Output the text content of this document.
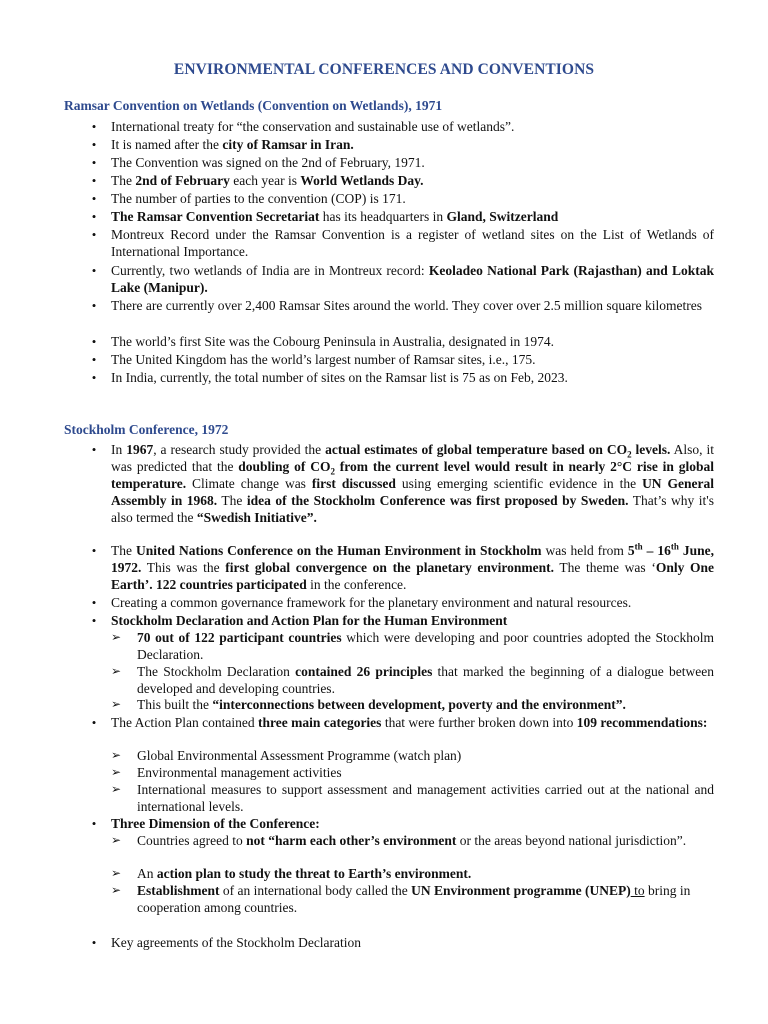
ENVIRONMENTAL CONFERENCES AND CONVENTIONS
Ramsar Convention on Wetlands (Convention on Wetlands), 1971
• International treaty for “the conservation and sustainable use of wetlands”.

• It is named after the city of Ramsar in Iran.

• The Convention was signed on the 2nd of February, 1971.

• The 2nd of February each year is World Wetlands Day.

• The number of parties to the convention (COP) is 171.

• The Ramsar Convention Secretariat has its headquarters in Gland, Switzerland

• Montreux Record under the Ramsar Convention is a register of wetland sites on the List of Wetlands of International Importance.

• Currently, two wetlands of India are in Montreux record: Keoladeo National Park (Rajasthan) and Loktak Lake (Manipur).

• There are currently over 2,400 Ramsar Sites around the world. They cover over 2.5 million square kilometres

• The world’s first Site was the Cobourg Peninsula in Australia, designated in 1974.

• The United Kingdom has the world’s largest number of Ramsar sites, i.e., 175.

• In India, currently, the total number of sites on the Ramsar list is 75 as on Feb, 2023.

Stockholm Conference, 1972
• In 1967, a research study provided the actual estimates of global temperature based on $CO_2$ levels. Also, it was predicted that the doubling of $CO_2$ from the current level would result in nearly 2°C rise in global temperature. Climate change was first discussed using emerging scientific evidence in the UN General Assembly in 1968. The idea of the Stockholm Conference was first proposed by Sweden. That’s why it's also termed the “Swedish Initiative”.

• The United Nations Conference on the Human Environment in Stockholm was held from 5th – 16th June, 1972. This was the first global convergence on the planetary environment. The theme was ‘Only One Earth’. 122 countries participated in the conference.

• Creating a common governance framework for the planetary environment and natural resources.

• Stockholm Declaration and Action Plan for the Human Environment

➢	70 out of 122 participant countries which were developing and poor countries adopted the Stockholm Declaration.

➢	The Stockholm Declaration contained 26 principles that marked the beginning of a dialogue between developed and developing countries.

➢	This built the “interconnections between development, poverty and the environment”.

• The Action Plan contained three main categories that were further broken down into 109 recommendations:

➢	Global Environmental Assessment Programme (watch plan)

➢	Environmental management activities

➢	International measures to support assessment and management activities carried out at the national and international levels.

• Three Dimension of the Conference:

➢	Countries agreed to not “harm each other’s environment or the areas beyond national jurisdiction”.

➢	An action plan to study the threat to Earth’s environment.

➢	Establishment of an international body called the UN Environment programme (UNEP) to bring in cooperation among countries.

• Key agreements of the Stockholm Declaration
